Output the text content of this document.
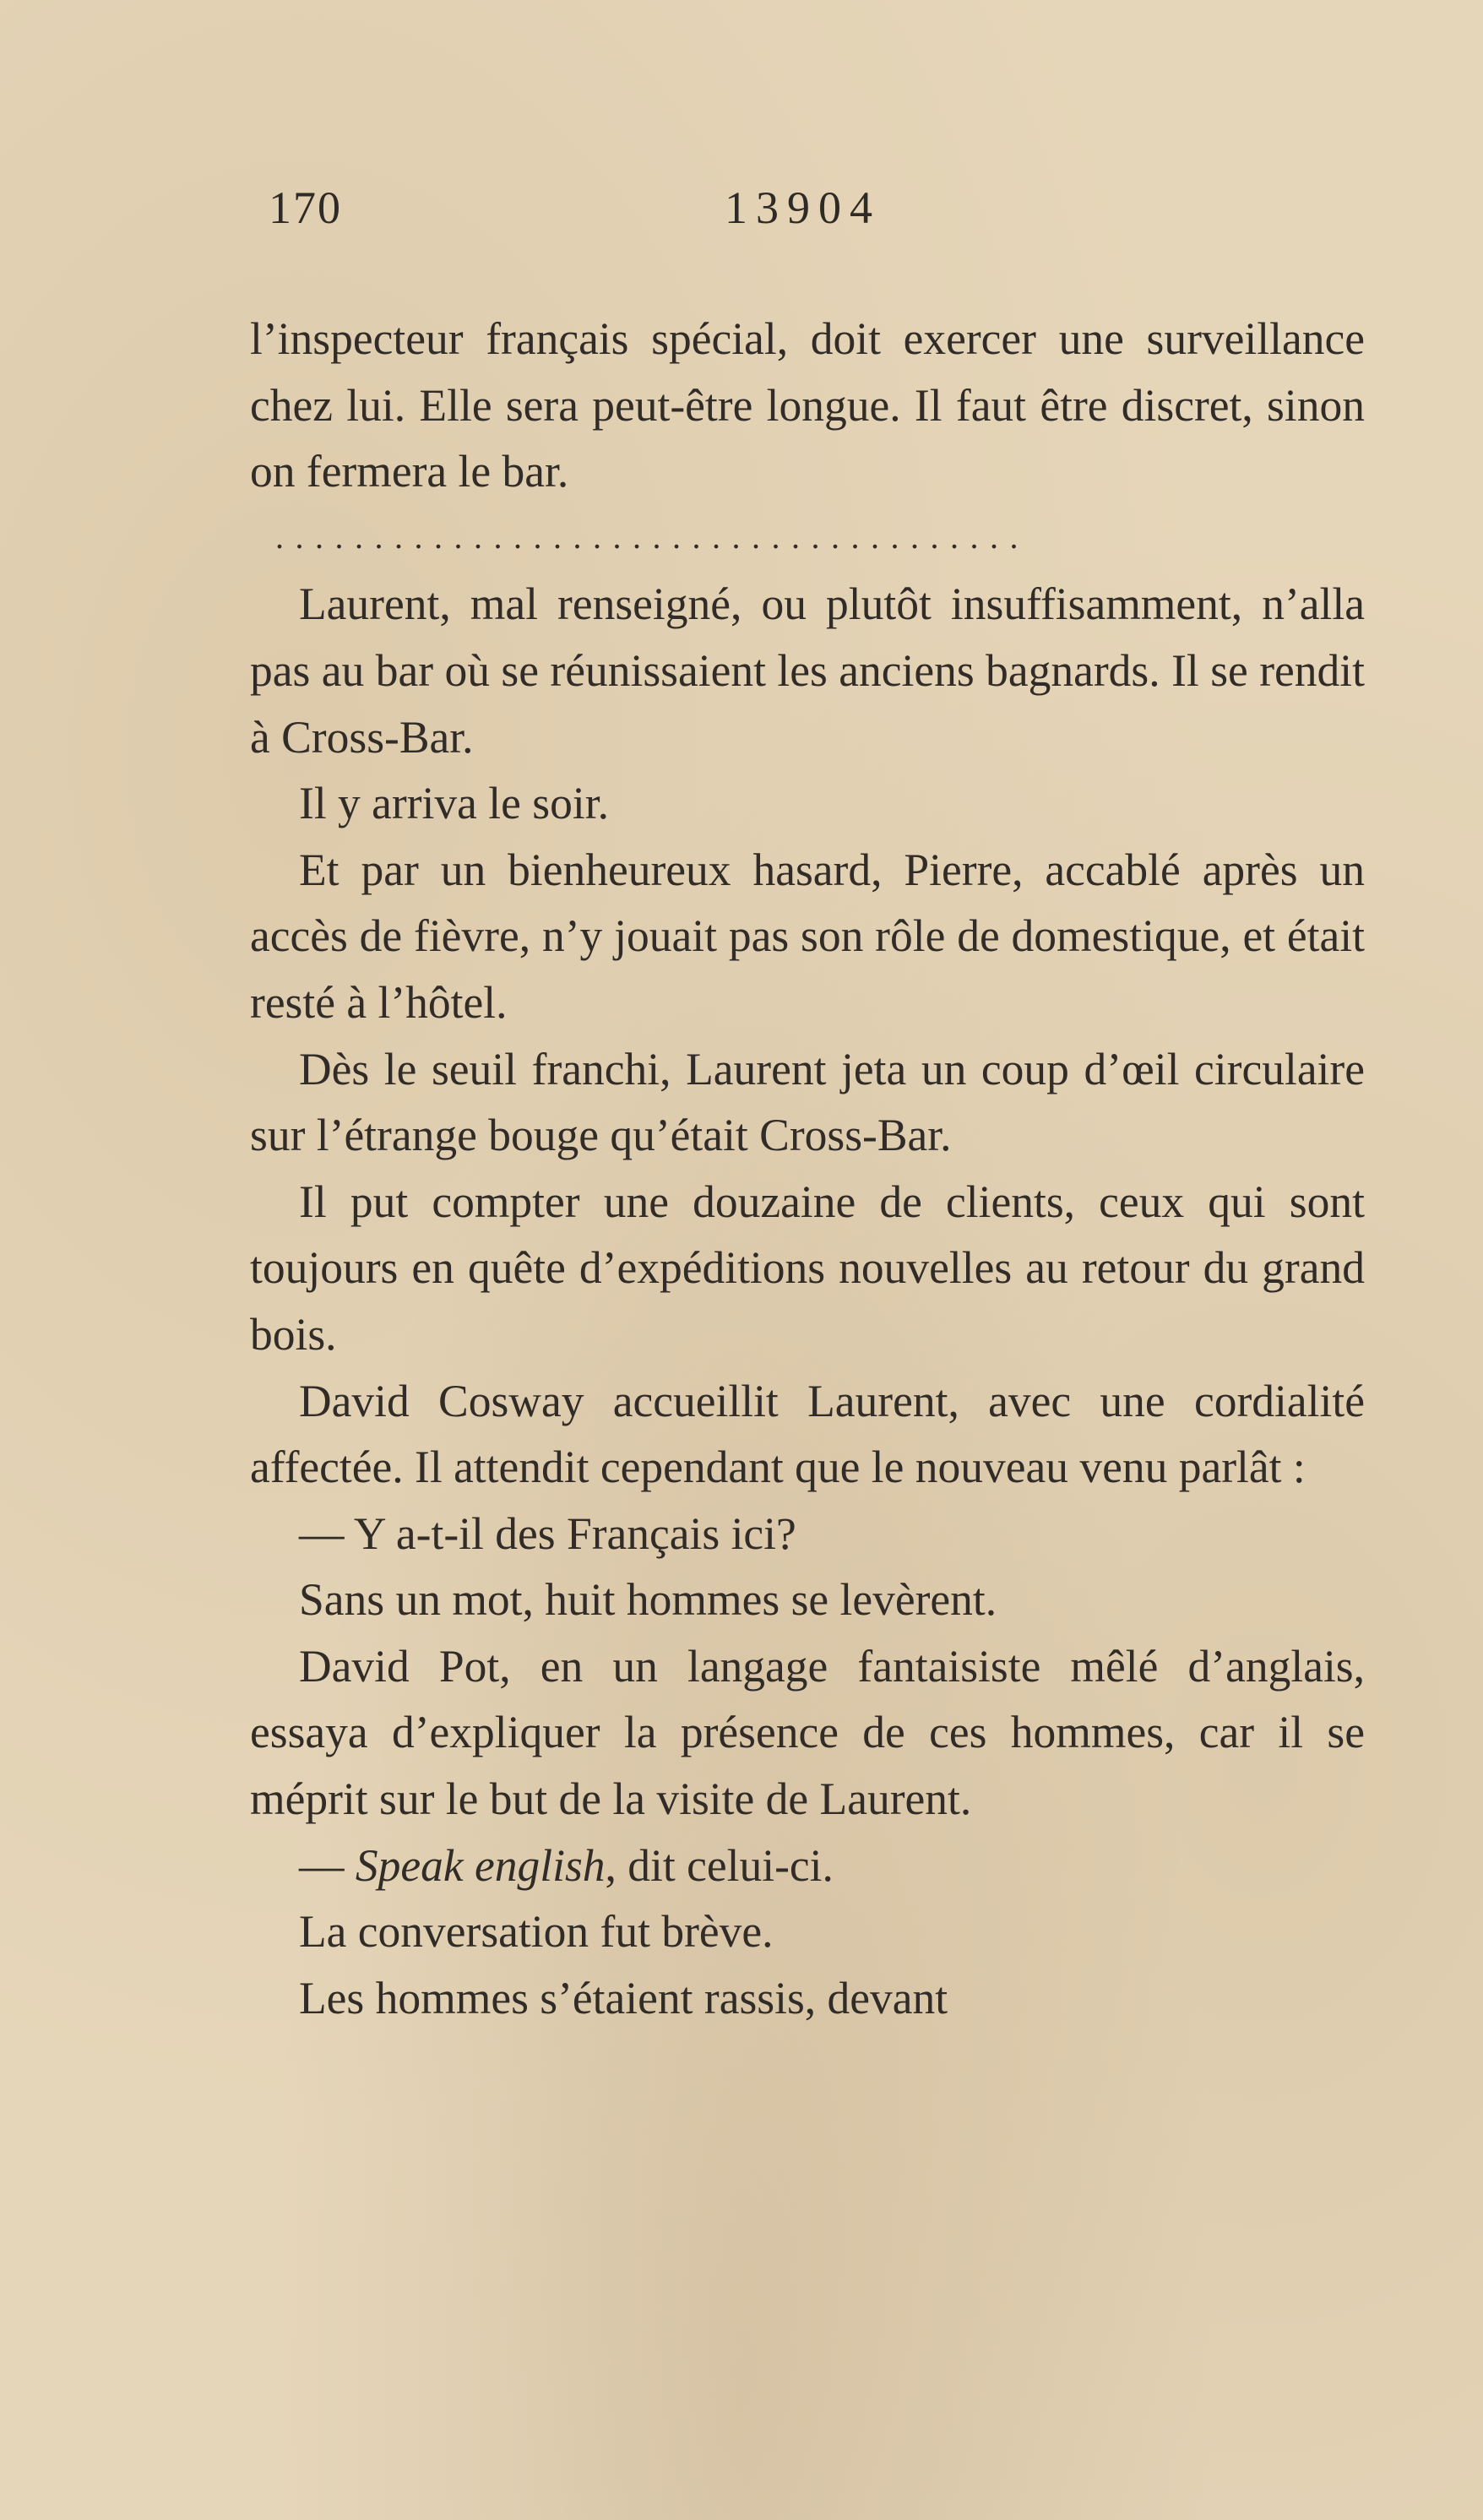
170	13904

l’inspecteur français spécial, doit exercer une surveillance chez lui. Elle sera peut-être longue. Il faut être discret, sinon on fermera le bar.

......................................

Laurent, mal renseigné, ou plutôt insuffisamment, n’alla pas au bar où se réunissaient les anciens bagnards. Il se rendit à Cross-Bar.

Il y arriva le soir.

Et par un bienheureux hasard, Pierre, accablé après un accès de fièvre, n’y jouait pas son rôle de domestique, et était resté à l’hôtel.

Dès le seuil franchi, Laurent jeta un coup d’œil circulaire sur l’étrange bouge qu’était Cross-Bar.

Il put compter une douzaine de clients, ceux qui sont toujours en quête d’expéditions nouvelles au retour du grand bois.

David Cosway accueillit Laurent, avec une cordialité affectée. Il attendit cependant que le nouveau venu parlât :

— Y a-t-il des Français ici?

Sans un mot, huit hommes se levèrent.

David Pot, en un langage fantaisiste mêlé d’anglais, essaya d’expliquer la présence de ces hommes, car il se méprit sur le but de la visite de Laurent.

— Speak english, dit celui-ci.

La conversation fut brève.

Les hommes s’étaient rassis, devant
